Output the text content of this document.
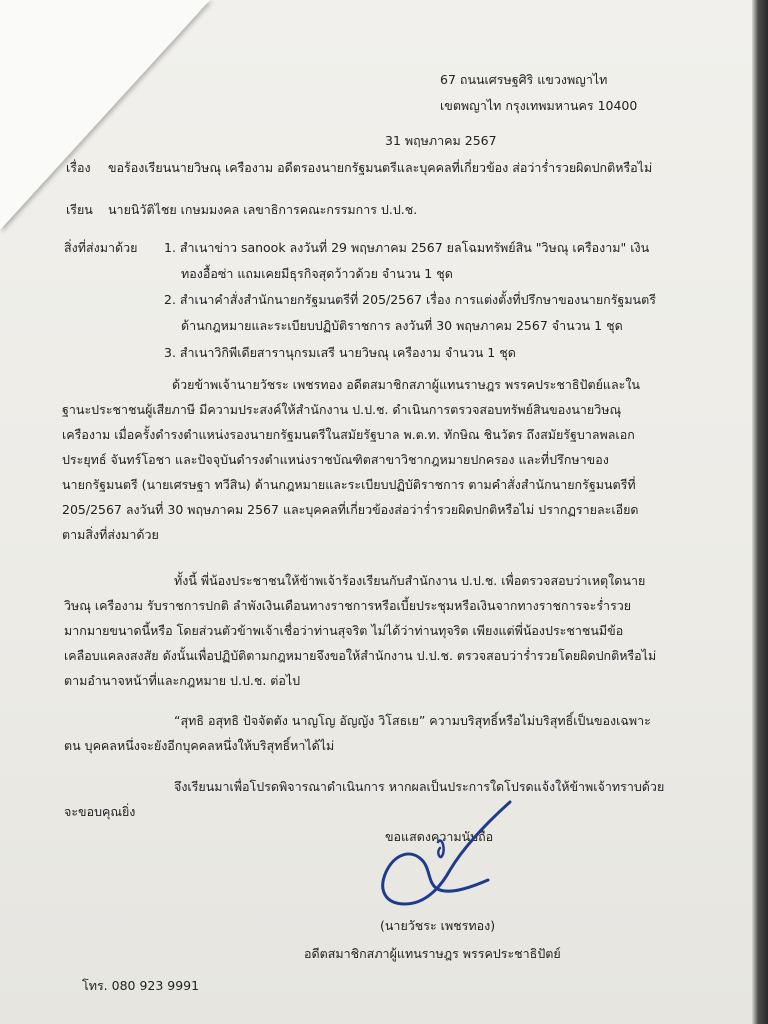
67 ถนนเศรษฐศิริ แขวงพญาไท
เขตพญาไท กรุงเทพมหานคร 10400
31 พฤษภาคม 2567
เรื่อง ขอร้องเรียนนายวิษณุ เครืองาม อดีตรองนายกรัฐมนตรีและบุคคลที่เกี่ยวข้อง ส่อว่าร่ำรวยผิดปกติหรือไม่
เรียน นายนิวัติไชย เกษมมงคล เลขาธิการคณะกรรมการ ป.ป.ช.
สิ่งที่ส่งมาด้วย 1. สำเนาข่าว sanook ลงวันที่ 29 พฤษภาคม 2567 ยลโฉมทรัพย์สิน "วิษณุ เครืองาม" เงิน
ทองอื้อซ่า แถมเคยมีธุรกิจสุดว้าวด้วย จำนวน 1 ชุด
2. สำเนาคำสั่งสำนักนายกรัฐมนตรีที่ 205/2567 เรื่อง การแต่งตั้งที่ปรึกษาของนายกรัฐมนตรี
ด้านกฎหมายและระเบียบปฏิบัติราชการ ลงวันที่ 30 พฤษภาคม 2567 จำนวน 1 ชุด
3. สำเนาวิกิพีเดียสารานุกรมเสรี นายวิษณุ เครืองาม จำนวน 1 ชุด
ด้วยข้าพเจ้านายวัชระ เพชรทอง อดีตสมาชิกสภาผู้แทนราษฎร พรรคประชาธิปัตย์และใน
ฐานะประชาชนผู้เสียภาษี มีความประสงค์ให้สำนักงาน ป.ป.ช. ดำเนินการตรวจสอบทรัพย์สินของนายวิษณุ
เครืองาม เมื่อครั้งดำรงตำแหน่งรองนายกรัฐมนตรีในสมัยรัฐบาล พ.ต.ท. ทักษิณ ชินวัตร ถึงสมัยรัฐบาลพลเอก
ประยุทธ์ จันทร์โอชา และปัจจุบันดำรงตำแหน่งราชบัณฑิตสาขาวิชากฎหมายปกครอง และที่ปรึกษาของ
นายกรัฐมนตรี (นายเศรษฐา ทวีสิน) ด้านกฎหมายและระเบียบปฏิบัติราชการ ตามคำสั่งสำนักนายกรัฐมนตรีที่
205/2567 ลงวันที่ 30 พฤษภาคม 2567 และบุคคลที่เกี่ยวข้องส่อว่าร่ำรวยผิดปกติหรือไม่ ปรากฏรายละเอียด
ตามสิ่งที่ส่งมาด้วย
ทั้งนี้ พี่น้องประชาชนให้ข้าพเจ้าร้องเรียนกับสำนักงาน ป.ป.ช. เพื่อตรวจสอบว่าเหตุใดนาย
วิษณุ เครืองาม รับราชการปกติ ลำพังเงินเดือนทางราชการหรือเบี้ยประชุมหรือเงินจากทางราชการจะร่ำรวย
มากมายขนาดนี้หรือ โดยส่วนตัวข้าพเจ้าเชื่อว่าท่านสุจริต ไม่ได้ว่าท่านทุจริต เพียงแต่พี่น้องประชาชนมีข้อ
เคลือบแคลงสงสัย ดังนั้นเพื่อปฏิบัติตามกฎหมายจึงขอให้สำนักงาน ป.ป.ช. ตรวจสอบว่าร่ำรวยโดยผิดปกติหรือไม่
ตามอำนาจหน้าที่และกฎหมาย ป.ป.ช. ต่อไป
“สุทธิ อสุทธิ ปัจจัตตัง นาญโญ อัญญัง วิโสธเย” ความบริสุทธิ์หรือไม่บริสุทธิ์เป็นของเฉพาะ
ตน บุคคลหนึ่งจะยังอีกบุคคลหนึ่งให้บริสุทธิ์หาได้ไม่
จึงเรียนมาเพื่อโปรดพิจารณาดำเนินการ หากผลเป็นประการใดโปรดแจ้งให้ข้าพเจ้าทราบด้วย
จะขอบคุณยิ่ง
ขอแสดงความนับถือ
(นายวัชระ เพชรทอง)
อดีตสมาชิกสภาผู้แทนราษฎร พรรคประชาธิปัตย์
โทร. 080 923 9991
